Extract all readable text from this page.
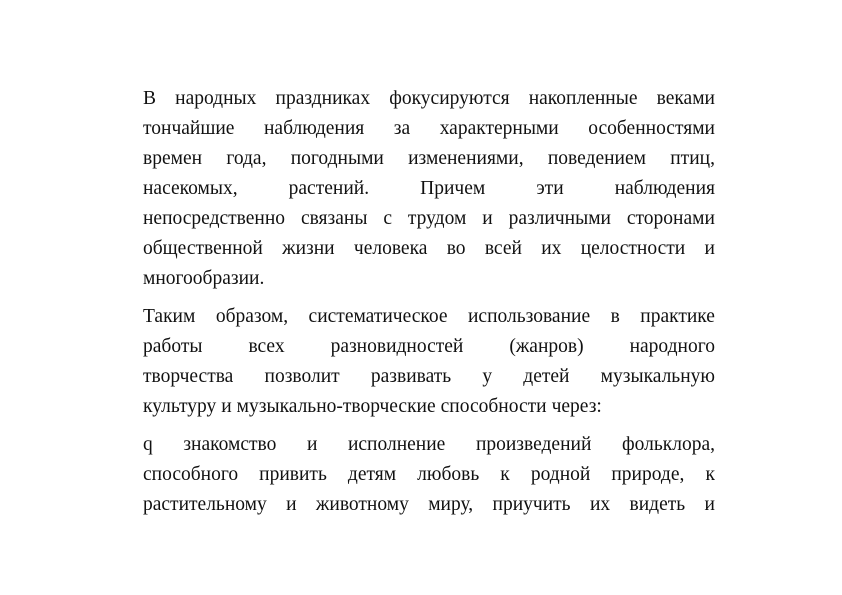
В народных праздниках фокусируются накопленные веками
тончайшие наблюдения за характерными особенностями
времен года, погодными изменениями, поведением птиц,
насекомых,	растений.	Причем	эти	наблюдения
непосредственно связаны с трудом и различными сторонами
общественной жизни человека во всей их целостности и
многообразии.
Таким образом, систематическое использование в практике
работы всех разновидностей (жанров) народного
творчества позволит развивать у детей музыкальную
культуру и музыкально-творческие способности через:
q знакомство и исполнение произведений фольклора,
способного привить детям любовь к родной природе, к
растительному и животному миру, приучить их видеть и
